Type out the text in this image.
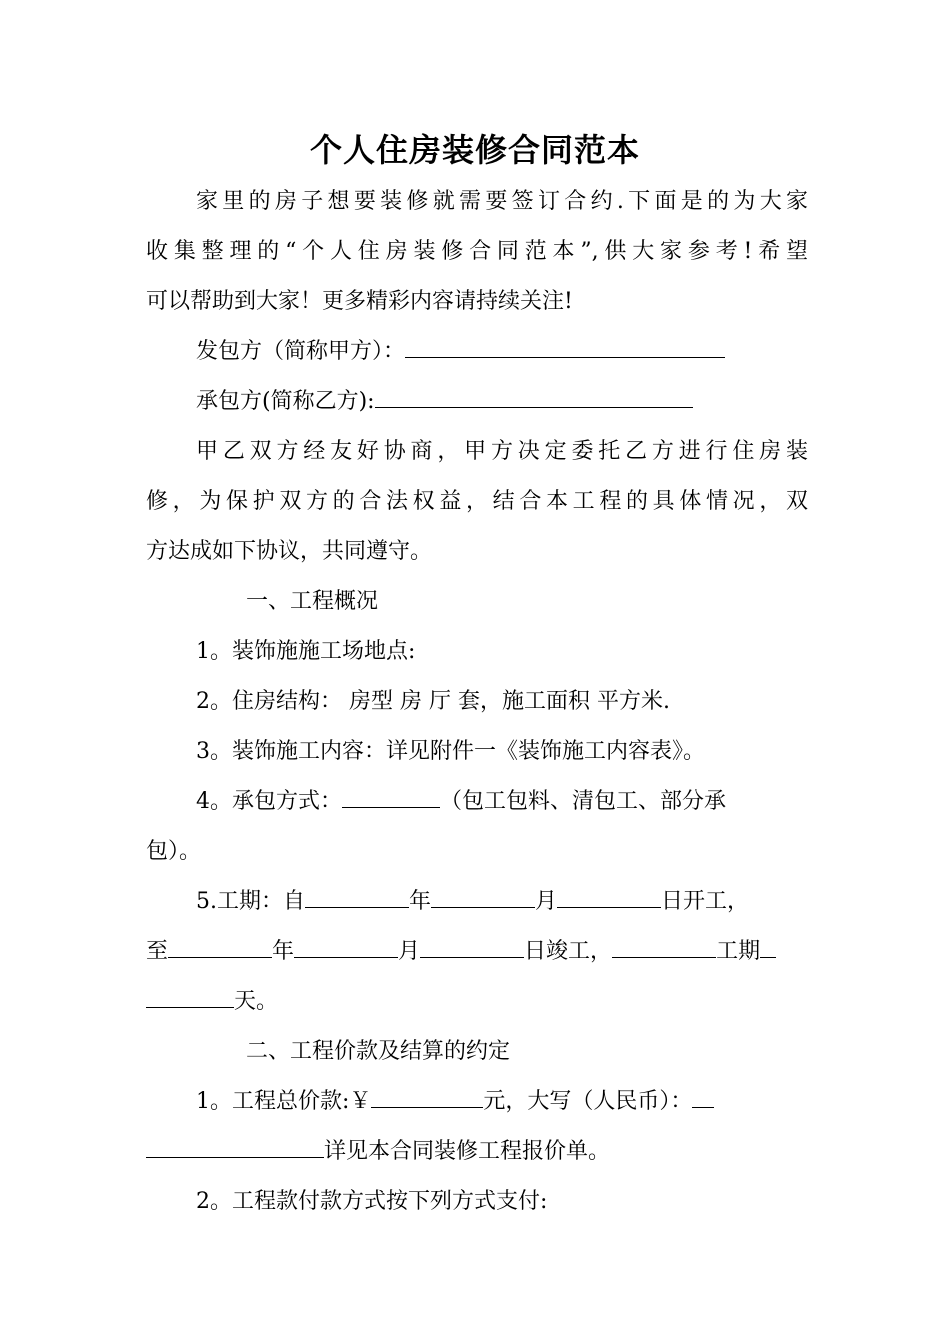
个人住房装修合同范本

家里的房子想要装修就需要签订合约.下面是的为大家
收集整理的“个人住房装修合同范本”,供大家参考!希望
可以帮助到大家！更多精彩内容请持续关注!

发包方（简称甲方）：

承包方(简称乙方):

甲乙双方经友好协商，甲方决定委托乙方进行住房装
修，为保护双方的合法权益，结合本工程的具体情况，双
方达成如下协议，共同遵守。

一、工程概况

1。装饰施施工场地点:

2。住房结构： 房型 房 厅 套，施工面积 平方米.

3。装饰施工内容：详见附件一《装饰施工内容表》。

4。承包方式：	（包工包料、清包工、部分承
包）。

5.工期：自	年	月	日开工，
至	年	月	日竣工，	工期
天。

二、工程价款及结算的约定

1。工程总价款:￥	元，大写（人民币）：
详见本合同装修工程报价单。

2。工程款付款方式按下列方式支付:
